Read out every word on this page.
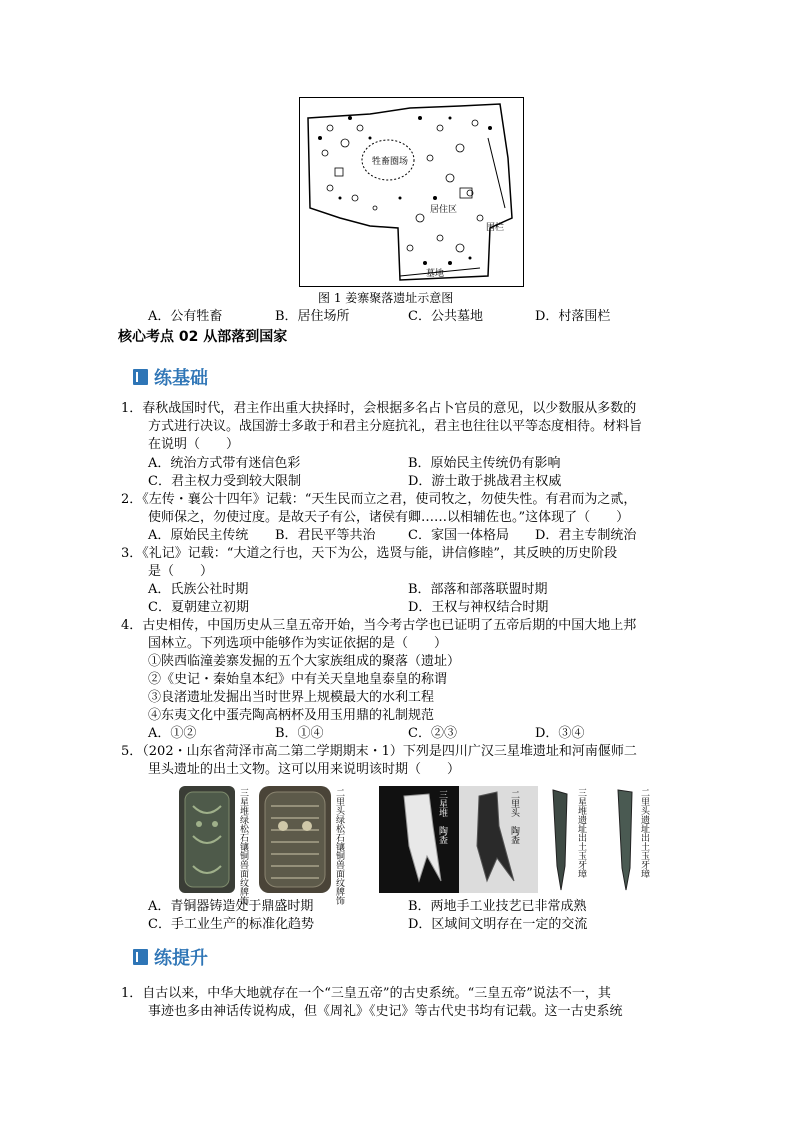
牲畜圈场
居住区
围栏
墓地
图 1 姜寨聚落遗址示意图
A．公有牲畜	B．居住场所	C．公共墓地	D．村落围栏
核心考点 02 从部落到国家
练基础
1．春秋战国时代，君主作出重大抉择时，会根据多名占卜官员的意见，以少数服从多数的
方式进行决议。战国游士多敢于和君主分庭抗礼，君主也往往以平等态度相待。材料旨
在说明（　　）
A．统治方式带有迷信色彩	B．原始民主传统仍有影响
C．君主权力受到较大限制	D．游士敢于挑战君主权威
2．《左传・襄公十四年》记载：“天生民而立之君，使司牧之，勿使失性。有君而为之贰，
使师保之，勿使过度。是故天子有公，诸侯有卿……以相辅佐也。”这体现了（　　）
A．原始民主传统 B．君民平等共治 C．家国一体格局 D．君主专制统治
3．《礼记》记载：“大道之行也，天下为公，选贤与能，讲信修睦”，其反映的历史阶段
是（　　）
A．氏族公社时期	B．部落和部落联盟时期
C．夏朝建立初期	D．王权与神权结合时期
4．古史相传，中国历史从三皇五帝开始，当今考古学也已证明了五帝后期的中国大地上邦
国林立。下列选项中能够作为实证依据的是（　　）
①陕西临潼姜寨发掘的五个大家族组成的聚落（遗址）
②《史记・秦始皇本纪》中有关天皇地皇泰皇的称谓
③良渚遗址发掘出当时世界上规模最大的水利工程
④东夷文化中蛋壳陶高柄杯及用玉用鼎的礼制规范
A．①②	B．①④	C．②③	D．③④
5．（202・山东省菏泽市高二第二学期期末・1）下列是四川广汉三星堆遗址和河南偃师二
里头遗址的出土文物。这可以用来说明该时期（　　）
三星堆绿松石镶铜兽面纹牌饰	二里头绿松石镶铜兽面纹牌饰	三星堆　陶盉	二里头　陶盉	三星堆遗址出土玉牙璋	二里头遗址出土玉牙璋
A．青铜器铸造处于鼎盛时期	B．两地手工业技艺已非常成熟
C．手工业生产的标准化趋势	D．区域间文明存在一定的交流
练提升
1．自古以来，中华大地就存在一个“三皇五帝”的古史系统。“三皇五帝”说法不一，其
事迹也多由神话传说构成，但《周礼》《史记》等古代史书均有记载。这一古史系统
